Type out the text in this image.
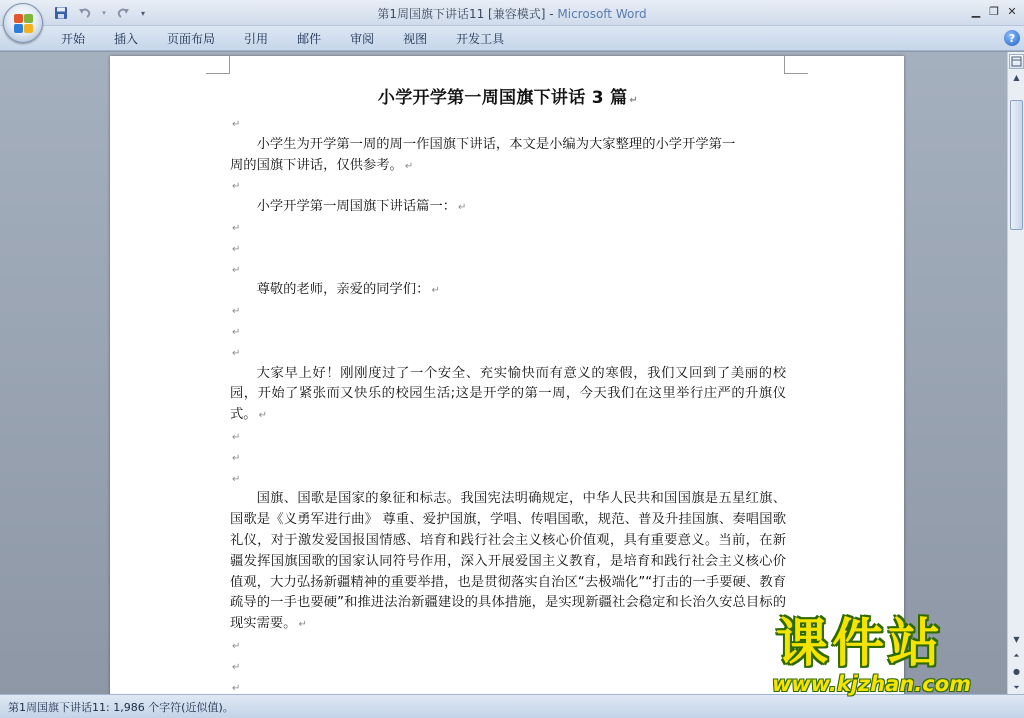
▾	▾	第1周国旗下讲话11 [兼容模式] - Microsoft Word	▁ ❐ ✕
开始	插入	页面布局	引用	邮件	审阅	视图	开发工具	?
小学开学第一周国旗下讲话 3 篇 ↵
↵
小学生为开学第一周的周一作国旗下讲话，本文是小编为大家整理的小学开学第一
周的国旗下讲话，仅供参考。 ↵
↵
小学开学第一周国旗下讲话篇一： ↵
↵
↵
↵
尊敬的老师，亲爱的同学们： ↵
↵
↵
↵
大家早上好！刚刚度过了一个安全、充实愉快而有意义的寒假，我们又回到了美丽的校园，开始了紧张而又快乐的校园生活;这是开学的第一周，今天我们在这里举行庄严的升旗仪式。 ↵
↵
↵
↵
国旗、国歌是国家的象征和标志。我国宪法明确规定，中华人民共和国国旗是五星红旗、国歌是《义勇军进行曲》 尊重、爱护国旗，学唱、传唱国歌，规范、普及升挂国旗、奏唱国歌礼仪，对于激发爱国报国情感、培育和践行社会主义核心价值观，具有重要意义。当前，在新疆发挥国旗国歌的国家认同符号作用，深入开展爱国主义教育，是培育和践行社会主义核心价值观，大力弘扬新疆精神的重要举措，也是贯彻落实自治区“去极端化”“打击的一手要硬、教育疏导的一手也要硬”和推进法治新疆建设的具体措施，是实现新疆社会稳定和长治久安总目标的现实需要。 ↵
↵
↵
↵
▲
▼
⏶
●
⏷
第1周国旗下讲话11: 1,986 个字符(近似值)。
课件站
www.kjzhan.com
